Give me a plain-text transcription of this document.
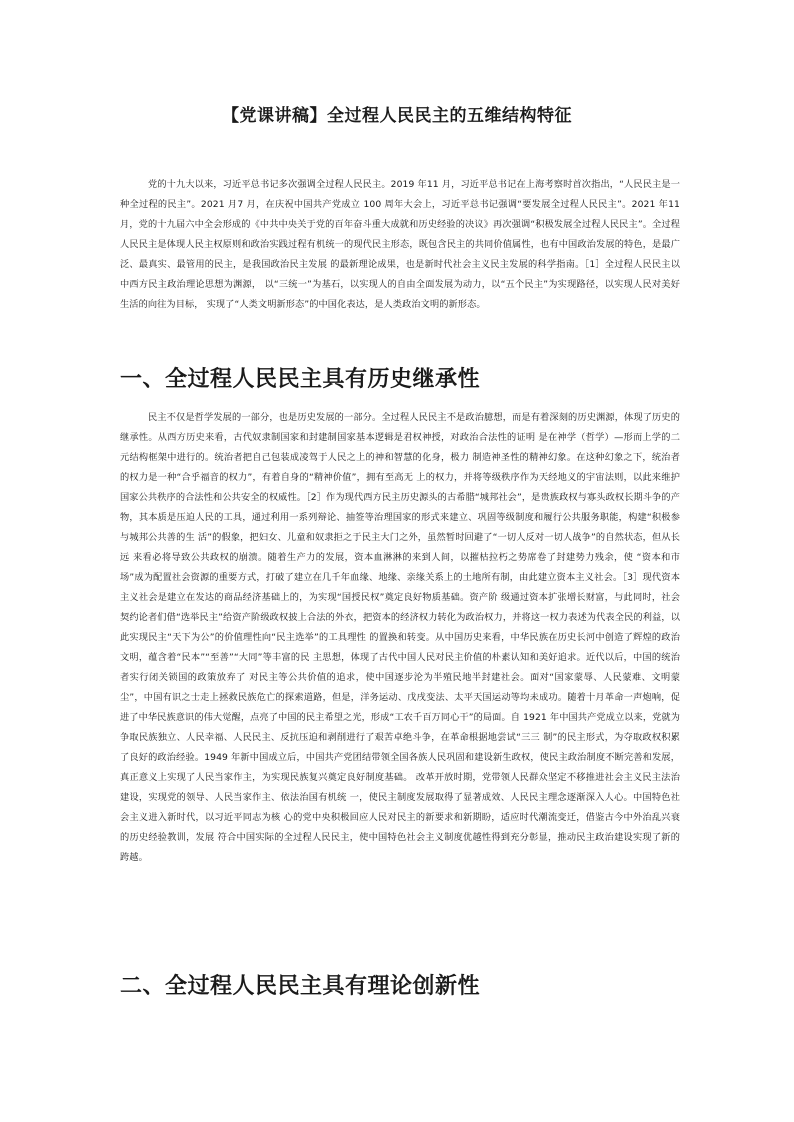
【党课讲稿】全过程人民民主的五维结构特征

党的十九大以来，习近平总书记多次强调全过程人民民主。2019 年11 月，习近平总书记在上海考察时首次指出，“人民民主是一种全过程的民主”。2021 月7 月，在庆祝中国共产党成立 100 周年大会上，习近平总书记强调“要发展全过程人民民主”。2021 年11 月，党的十九届六中全会形成的《中共中央关于党的百年奋斗重大成就和历史经验的决议》再次强调“积极发展全过程人民民主”。全过程人民民主是体现人民主权原则和政治实践过程有机统一的现代民主形态，既包含民主的共同价值属性，也有中国政治发展的特色，是最广泛、最真实、最管用的民主，是我国政治民主发展 的最新理论成果，也是新时代社会主义民主发展的科学指南。［1］全过程人民民主以中西方民主政治理论思想为渊源， 以“三统一”为基石，以实现人的自由全面发展为动力，以“五个民主”为实现路径，以实现人民对美好生活的向往为目标， 实现了“人类文明新形态”的中国化表达，是人类政治文明的新形态。

一、全过程人民民主具有历史继承性

民主不仅是哲学发展的一部分，也是历史发展的一部分。全过程人民民主不是政治臆想，而是有着深刻的历史渊源，体现了历史的继承性。从西方历史来看，古代奴隶制国家和封建制国家基本逻辑是君权神授，对政治合法性的证明 是在神学（哲学）—形而上学的二元结构框架中进行的。统治者把自己包装成凌驾于人民之上的神和智慧的化身，极力 制造神圣性的精神幻象。在这种幻象之下，统治者的权力是一种“合乎福音的权力”，有着自身的“精神价值”，拥有至高无 上的权力，并将等级秩序作为天经地义的宇宙法则，以此来维护国家公共秩序的合法性和公共安全的权威性。［2］作为现代西方民主历史源头的古希腊“城邦社会”，是贵族政权与寡头政权长期斗争的产物，其本质是压迫人民的工具，通过利用一系列辩论、抽签等治理国家的形式来建立、巩固等级制度和履行公共服务职能，构建“积极参与城邦公共善的生 活”的假象，把妇女、儿童和奴隶拒之于民主大门之外，虽然暂时回避了“一切人反对一切人战争”的自然状态，但从长远 来看必将导致公共政权的崩溃。随着生产力的发展，资本血淋淋的来到人间，以摧枯拉朽之势席卷了封建势力残余，使 “资本和市场”成为配置社会资源的重要方式，打破了建立在几千年血缘、地缘、亲缘关系上的土地所有制，由此建立资本主义社会。［3］现代资本主义社会是建立在发达的商品经济基础上的，为实现“国授民权”奠定良好物质基础。资产阶 级通过资本扩张增长财富，与此同时，社会契约论者们借“选举民主”给资产阶级政权披上合法的外衣，把资本的经济权力转化为政治权力，并将这一权力表述为代表全民的利益，以此实现民主“天下为公”的价值理性向“民主选举”的工具理性 的置换和转变。从中国历史来看，中华民族在历史长河中创造了辉煌的政治文明，蕴含着“民本”“至善”“大同”等丰富的民 主思想，体现了古代中国人民对民主价值的朴素认知和美好追求。近代以后，中国的统治者实行闭关锁国的政策放弃了 对民主等公共价值的追求，使中国逐步沦为半殖民地半封建社会。面对“国家蒙辱、人民蒙难、文明蒙尘”，中国有识之士走上拯救民族危亡的探索道路，但是，洋务运动、戊戌变法、太平天国运动等均未成功。随着十月革命一声炮响，促 进了中华民族意识的伟大觉醒，点亮了中国的民主希望之光，形成“工农千百万同心干”的局面。自 1921 年中国共产党成立以来，党就为争取民族独立、人民幸福、人民民主、反抗压迫和剥削进行了艰苦卓绝斗争，在革命根据地尝试“三三 制”的民主形式，为夺取政权积累了良好的政治经验。1949 年新中国成立后，中国共产党团结带领全国各族人民巩固和建设新生政权，使民主政治制度不断完善和发展，真正意义上实现了人民当家作主，为实现民族复兴奠定良好制度基础。 改革开放时期，党带领人民群众坚定不移推进社会主义民主法治建设，实现党的领导、人民当家作主、依法治国有机统 一，使民主制度发展取得了显著成效、人民民主理念逐渐深入人心。中国特色社会主义进入新时代，以习近平同志为核 心的党中央积极回应人民对民主的新要求和新期盼，适应时代潮流变迁，借鉴古今中外治乱兴衰的历史经验教训，发展 符合中国实际的全过程人民民主，使中国特色社会主义制度优越性得到充分彰显，推动民主政治建设实现了新的跨越。

二、全过程人民民主具有理论创新性
